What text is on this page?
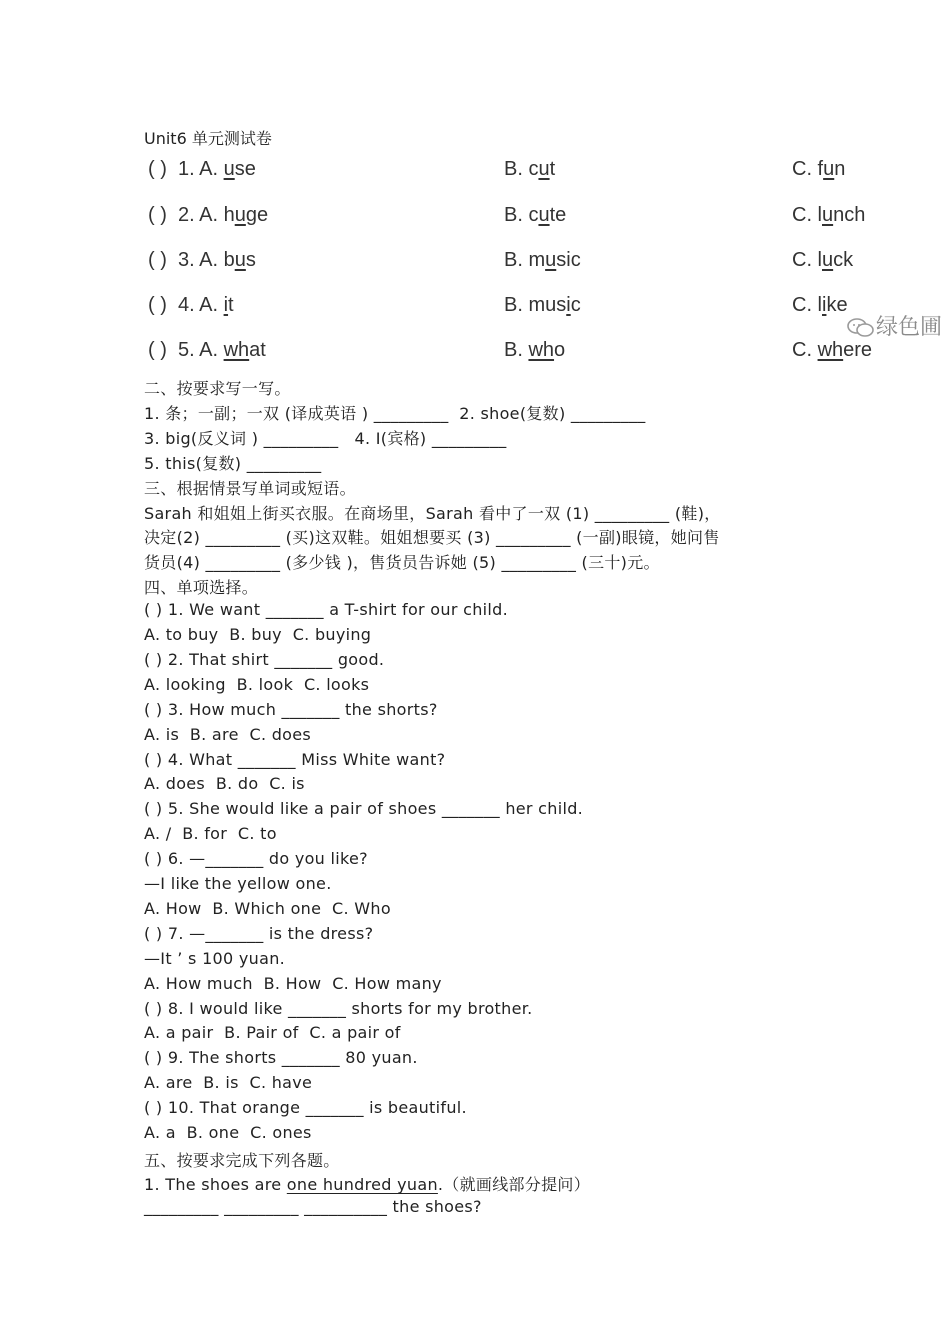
Unit6 单元测试卷
( ) 1. A. use	B. cut	C. fun
( ) 2. A. huge	B. cute	C. lunch
( ) 3. A. bus	B. music	C. luck
( ) 4. A. it	B. music	C. like
( ) 5. A. what	B. who	C. where
绿色圃
二、按要求写一写。
1. 条；一副；一双 (译成英语 ) _________  2. shoe(复数) _________
3. big(反义词 ) _________   4. I(宾格) _________
5. this(复数) _________
三、根据情景写单词或短语。
Sarah 和姐姐上街买衣服。在商场里，Sarah 看中了一双 (1) _________ (鞋)，
决定(2) _________ (买)这双鞋。姐姐想要买 (3) _________ (一副)眼镜，她问售
货员(4) _________ (多少钱 )，售货员告诉她 (5) _________ (三十)元。
四、单项选择。
( ) 1. We want _______ a T-shirt for our child.
A. to buy  B. buy  C. buying
( ) 2. That shirt _______ good.
A. looking  B. look  C. looks
( ) 3. How much _______ the shorts?
A. is  B. are  C. does
( ) 4. What _______ Miss White want?
A. does  B. do  C. is
( ) 5. She would like a pair of shoes _______ her child.
A. /  B. for  C. to
( ) 6. —_______ do you like?
—I like the yellow one.
A. How  B. Which one  C. Who
( ) 7. —_______ is the dress?
—It ’ s 100 yuan.
A. How much  B. How  C. How many
( ) 8. I would like _______ shorts for my brother.
A. a pair  B. Pair of  C. a pair of
( ) 9. The shorts _______ 80 yuan.
A. are  B. is  C. have
( ) 10. That orange _______ is beautiful.
A. a  B. one  C. ones
五、按要求完成下列各题。
1. The shoes are one hundred yuan.（就画线部分提问）
_________ _________ __________ the shoes?
